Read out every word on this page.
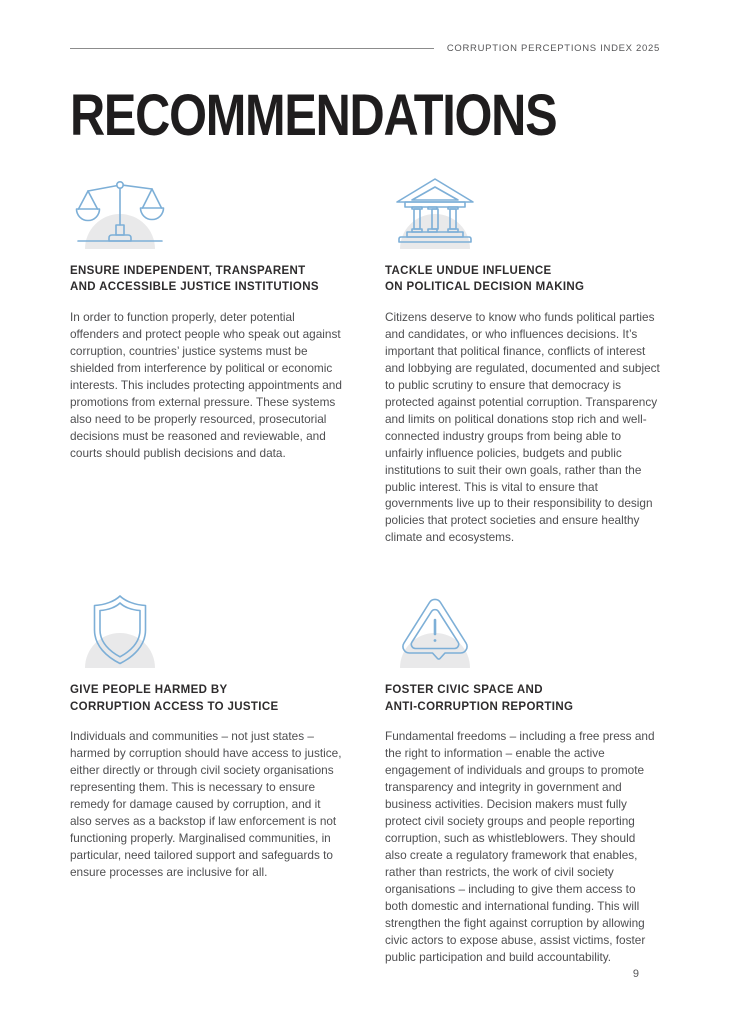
CORRUPTION PERCEPTIONS INDEX 2025
RECOMMENDATIONS
ENSURE INDEPENDENT, TRANSPARENT
AND ACCESSIBLE JUSTICE INSTITUTIONS
In order to function properly, deter potential offenders and protect people who speak out against corruption, countries’ justice systems must be shielded from interference by political or economic interests. This includes protecting appointments and promotions from external pressure. These systems also need to be properly resourced, prosecutorial decisions must be reasoned and reviewable, and courts should publish decisions and data.
TACKLE UNDUE INFLUENCE
ON POLITICAL DECISION MAKING
Citizens deserve to know who funds political parties and candidates, or who influences decisions. It’s important that political finance, conflicts of interest and lobbying are regulated, documented and subject to public scrutiny to ensure that democracy is protected against potential corruption. Transparency and limits on political donations stop rich and well-connected industry groups from being able to unfairly influence policies, budgets and public institutions to suit their own goals, rather than the public interest. This is vital to ensure that governments live up to their responsibility to design policies that protect societies and ensure healthy climate and ecosystems.
GIVE PEOPLE HARMED BY
CORRUPTION ACCESS TO JUSTICE
Individuals and communities – not just states – harmed by corruption should have access to justice, either directly or through civil society organisations representing them. This is necessary to ensure remedy for damage caused by corruption, and it also serves as a backstop if law enforcement is not functioning properly. Marginalised communities, in particular, need tailored support and safeguards to ensure processes are inclusive for all.
FOSTER CIVIC SPACE AND
ANTI-CORRUPTION REPORTING
Fundamental freedoms – including a free press and the right to information – enable the active engagement of individuals and groups to promote transparency and integrity in government and business activities. Decision makers must fully protect civil society groups and people reporting corruption, such as whistleblowers. They should also create a regulatory framework that enables, rather than restricts, the work of civil society organisations – including to give them access to both domestic and international funding. This will strengthen the fight against corruption by allowing civic actors to expose abuse, assist victims, foster public participation and build accountability.
9
